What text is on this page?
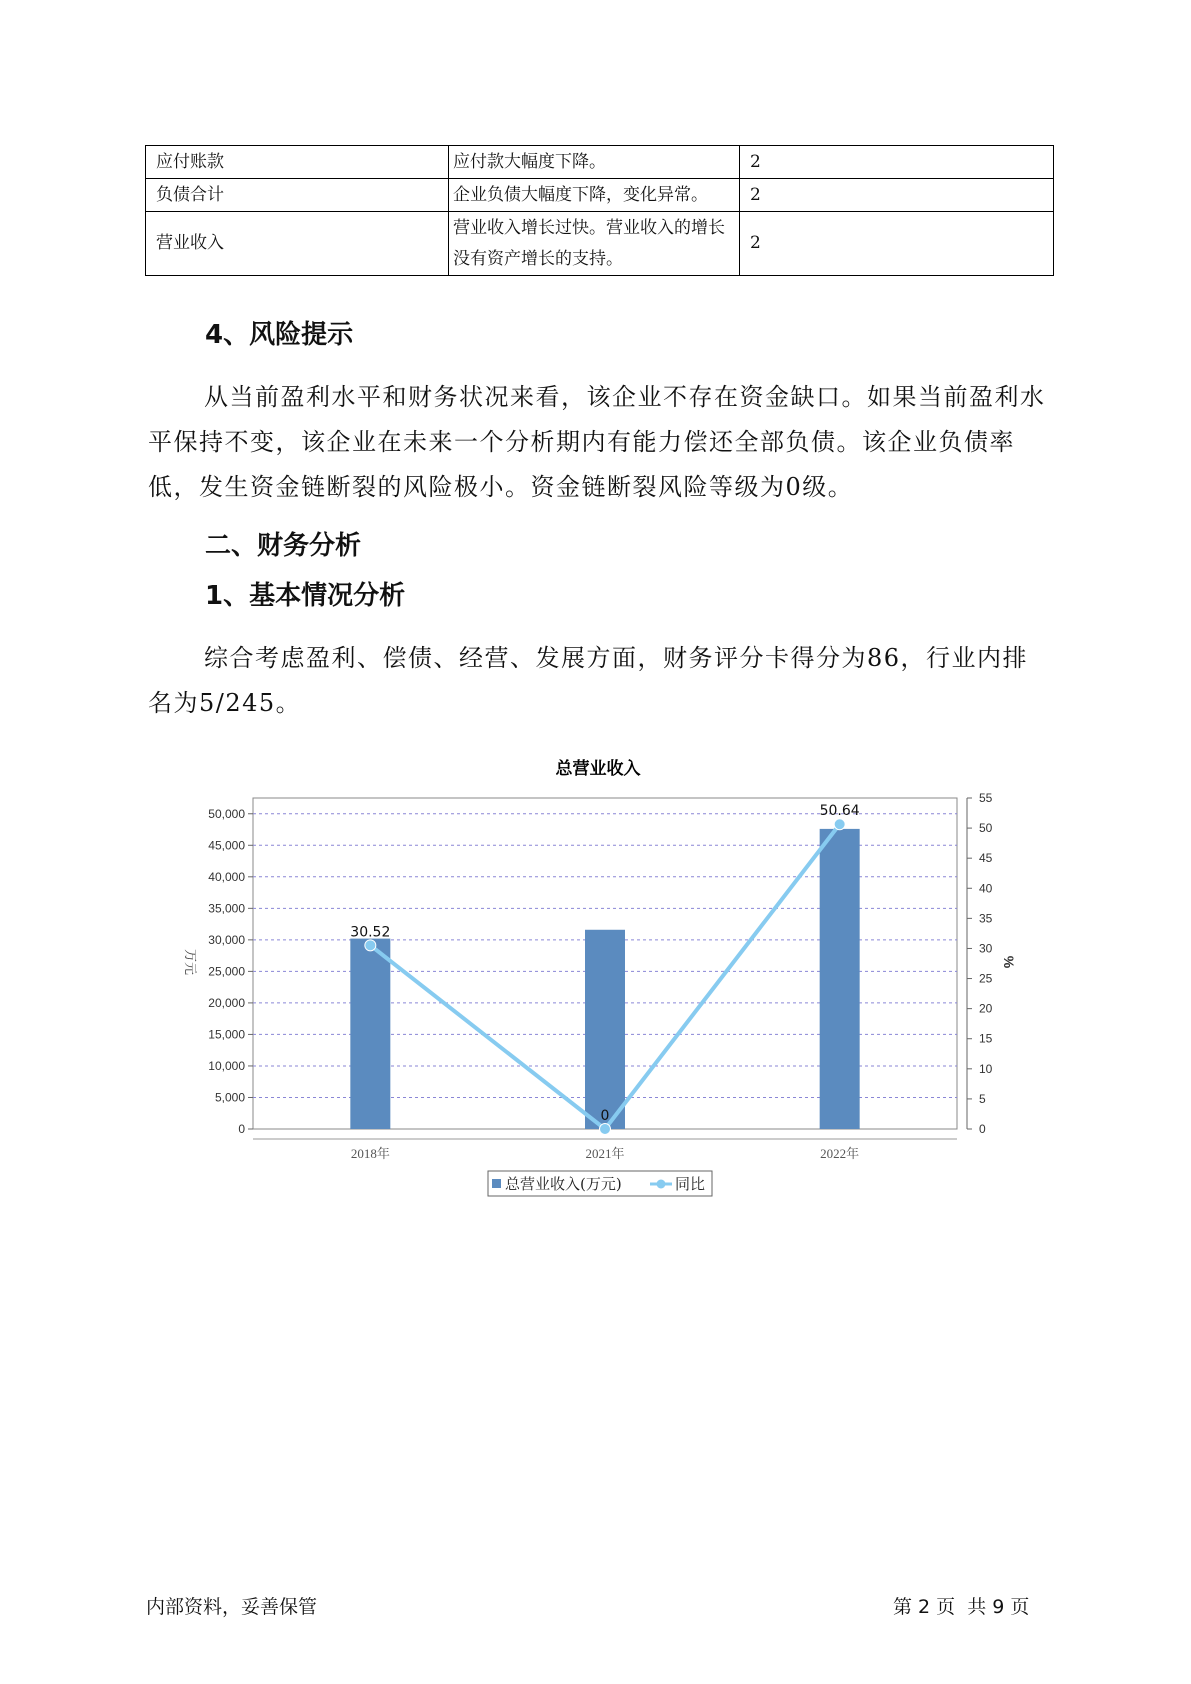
应付账款	应付款大幅度下降。	2
负债合计	企业负债大幅度下降，变化异常。	2
营业收入	营业收入增长过快。营业收入的增长没有资产增长的支持。	2
4、风险提示

从当前盈利水平和财务状况来看，该企业不存在资金缺口。如果当前盈利水平保持不变，该企业在未来一个分析期内有能力偿还全部负债。该企业负债率低，发生资金链断裂的风险极小。资金链断裂风险等级为0级。

二、财务分析
1、基本情况分析

综合考虑盈利、偿债、经营、发展方面，财务评分卡得分为86，行业内排名为5/245。

总营业收入
0
5,000
10,000
15,000
20,000
25,000
30,000
35,000
40,000
45,000
50,000
0
5
10
15
20
25
30
35
40
45
50
55
2018年	2021年	2022年
30.52
0
50.64
万元	%
总营业收入(万元)	同比
内部资料，妥善保管	第 2 页  共 9 页
